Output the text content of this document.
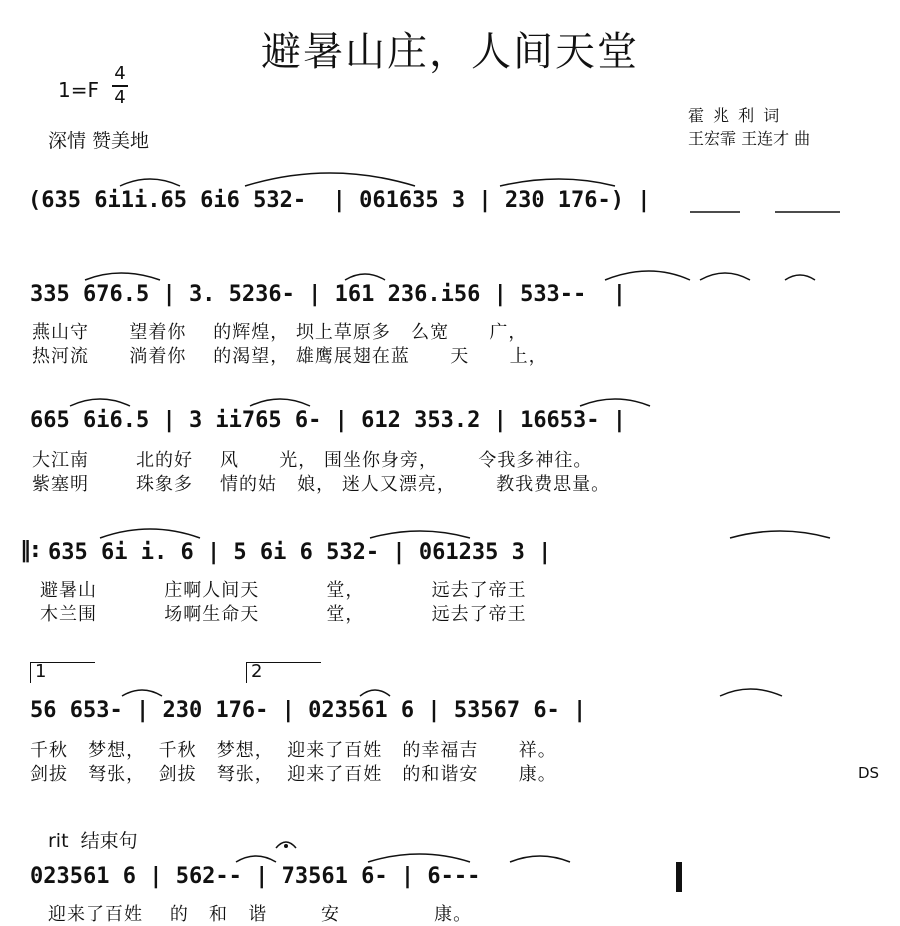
避暑山庄，人间天堂
1=F
4
4
深情 赞美地
霍 兆 利 词
王宏霏 王连才 曲
(635 6i1i.65 6i6 532-  | 061635 3 | 230 176-) |
335 676.5 | 3. 5236- | 161 236.i56 | 533--  |
燕山守      望着你    的辉煌， 坝上草原多   么宽      广，
热河流      淌着你    的渴望， 雄鹰展翅在蓝      天      上，
665 6i6.5 | 3 ii765 6- | 612 353.2 | 16653- |
大江南       北的好    风      光， 围坐你身旁，      令我多神往。
紫塞明       珠象多    情的姑   娘， 迷人又漂亮，      教我费思量。
‖: 635 6i i. 6 | 5 6i 6 532- | 061235 3 |
避暑山          庄啊人间天          堂，          远去了帝王
木兰围          场啊生命天          堂，          远去了帝王
1	2
56 653- | 230 176- | 023561 6 | 53567 6- |
千秋   梦想，  千秋   梦想，  迎来了百姓   的幸福吉      祥。
剑拔   弩张，  剑拔   弩张，  迎来了百姓   的和谐安      康。	DS
rit  结束句
023561 6 | 562-- | 73561 6- | 6---
迎来了百姓    的   和   谐        安              康。
